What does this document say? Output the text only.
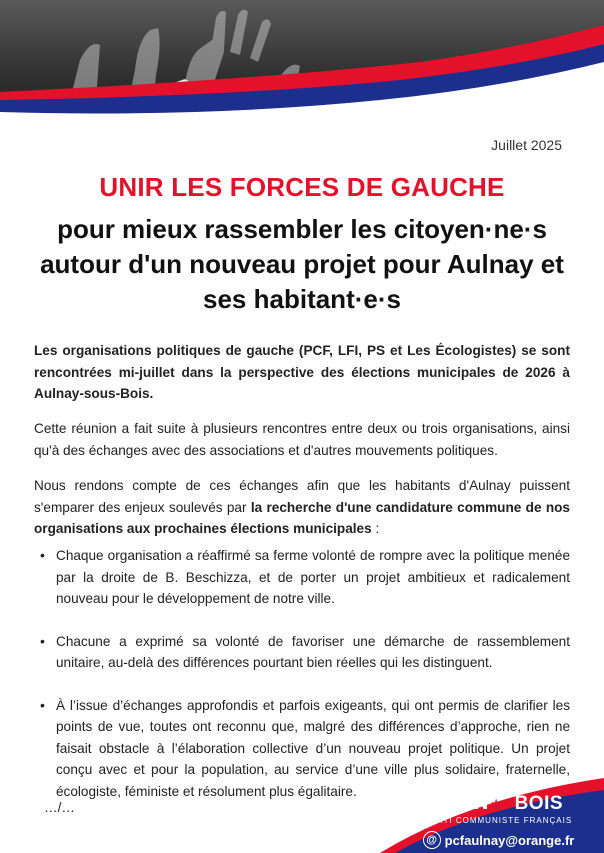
Juillet 2025
UNIR LES FORCES DE GAUCHE
pour mieux rassembler les citoyen·ne·s autour d'un nouveau projet pour Aulnay et ses habitant·e·s
Les organisations politiques de gauche (PCF, LFI, PS et Les Écologistes) se sont rencontrées mi-juillet dans la perspective des élections municipales de 2026 à Aulnay-sous-Bois.
Cette réunion a fait suite à plusieurs rencontres entre deux ou trois organisations, ainsi qu'à des échanges avec des associations et d'autres mouvements politiques.
Nous rendons compte de ces échanges afin que les habitants d'Aulnay puissent s'emparer des enjeux soulevés par la recherche d'une candidature commune de nos organisations aux prochaines élections municipales :
• Chaque organisation a réaffirmé sa ferme volonté de rompre avec la politique menée par la droite de B. Beschizza, et de porter un projet ambitieux et radicalement nouveau pour le développement de notre ville.
• Chacune a exprimé sa volonté de favoriser une démarche de rassemblement unitaire, au-delà des différences pourtant bien réelles qui les distinguent.
• À l’issue d’échanges approfondis et parfois exigeants, qui ont permis de clarifier les points de vue, toutes ont reconnu que, malgré des différences d’approche, rien ne faisait obstacle à l’élaboration collective d’un nouveau projet politique. Un projet conçu avec et pour la population, au service d’une ville plus solidaire, fraternelle, écologiste, féministe et résolument plus égalitaire.
…/…	AULN ☆✗ BOIS
PARTI COMMUNISTE FRANÇAIS
@ pcfaulnay@orange.fr
